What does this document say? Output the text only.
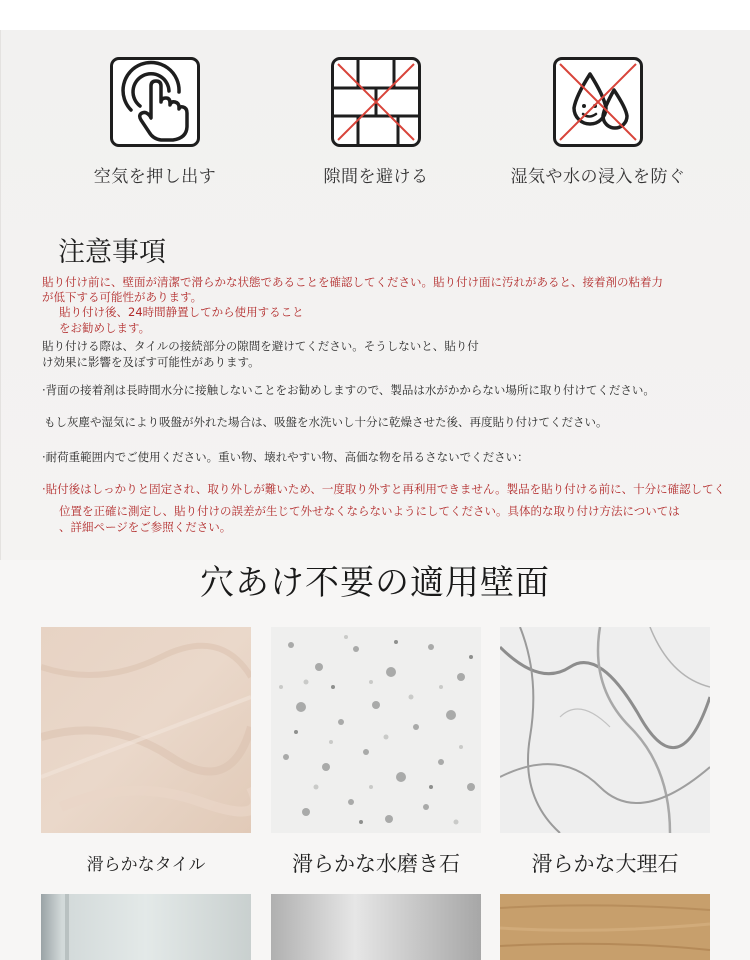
空気を押し出す	隙間を避ける	湿気や水の浸入を防ぐ
注意事項
貼り付け前に、壁面が清潔で滑らかな状態であることを確認してください。貼り付け面に汚れがあると、接着剤の粘着力
が低下する可能性があります。
貼り付け後、24時間静置してから使用すること
をお勧めします。
貼り付ける際は、タイルの接続部分の隙間を避けてください。そうしないと、貼り付
け効果に影響を及ぼす可能性があります。
·背面の接着剤は長時間水分に接触しないことをお勧めしますので、製品は水がかからない場所に取り付けてください。
もし灰塵や湿気により吸盤が外れた場合は、吸盤を水洗いし十分に乾燥させた後、再度貼り付けてください。
·耐荷重範囲内でご使用ください。重い物、壊れやすい物、高価な物を吊るさないでください：
·貼付後はしっかりと固定され、取り外しが難いため、一度取り外すと再利用できません。製品を貼り付ける前に、十分に確認してく
位置を正確に測定し、貼り付けの誤差が生じて外せなくならないようにしてください。具体的な取り付け方法については
、詳細ページをご参照ください。
穴あけ不要の適用壁面
滑らかなタイル	滑らかな水磨き石	滑らかな大理石
